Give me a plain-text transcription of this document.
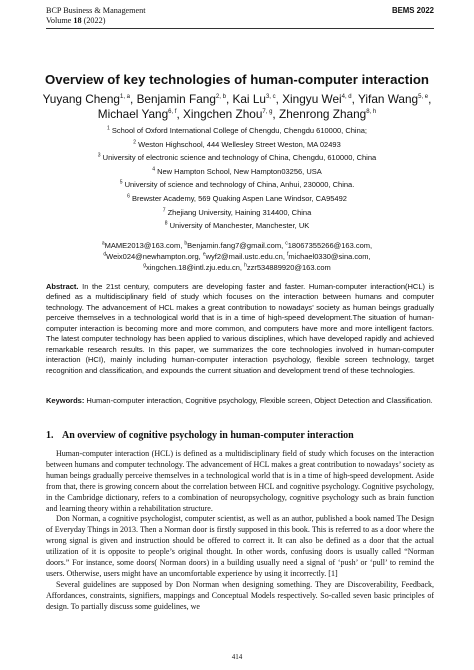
BCP Business & Management
Volume 18 (2022)
BEMS 2022
Overview of key technologies of human-computer interaction
Yuyang Cheng$^{1, a}$, Benjamin Fang$^{2, b}$, Kai Lu$^{3, c}$, Xingyu Wei$^{4, d}$, Yifan Wang$^{5, e}$,
Michael Yang$^{6, f}$, Xingchen Zhou$^{7, g}$, Zhenrong Zhang$^{8, h}$
$^1$ School of Oxford International College of Chengdu, Chengdu 610000, China;
$^2$ Weston Highschool, 444 Wellesley Street Weston, MA 02493
$^3$ University of electronic science and technology of China, Chengdu, 610000, China
$^4$ New Hampton School, New Hampton03256, USA
$^5$ University of science and technology of China, Anhui, 230000, China.
$^6$ Brewster Academy, 569 Quaking Aspen Lane Windsor, CA95492
$^7$ Zhejiang University, Haining 314400, China
$^8$ University of Manchester, Manchester, UK
$^a$MAME2013@163.com, $^b$Benjamin.fang7@gmail.com, $^c$18067355266@163.com,
$^d$Weix024@newhampton.org, $^e$wyf2@mail.ustc.edu.cn, $^f$michael0330@sina.com,
$^g$xingchen.18@intl.zju.edu.cn, $^h$zzr534889920@163.com
Abstract. In the 21st century, computers are developing faster and faster. Human-computer interaction(HCL) is defined as a multidisciplinary field of study which focuses on the interaction between humans and computer technology. The advancement of HCL makes a great contribution to nowadays’ society as human beings gradually perceive themselves in a technological world that is in a time of high-speed development.The situation of human-computer interaction is becoming more and more common, and computers have more and more intelligent factors. The latest computer technology has been applied to various disciplines, which have developed rapidly and achieved remarkable research results. In this paper, we summarizes the core technologies involved in human-computer interaction (HCI), mainly including human-computer interaction psychology, flexible screen technology, target recognition and classification, and expounds the current situation and development trend of these technologies.
Keywords: Human-computer interaction, Cognitive psychology, Flexible screen, Object Detection and Classification.
1. An overview of cognitive psychology in human-computer interaction

Human-computer interaction (HCL) is defined as a multidisciplinary field of study which focuses on the interaction between humans and computer technology. The advancement of HCL makes a great contribution to nowadays’ society as human beings gradually perceive themselves in a technological world that is in a time of high-speed development. Aside from that, there is growing concern about the correlation between HCL and cognitive psychology. Cognitive psychology, in the Cambridge dictionary, refers to a combination of neuropsychology, cognitive psychology such as brain function and learning theory within a rehabilitation structure.

Don Norman, a cognitive psychologist, computer scientist, as well as an author, published a book named The Design of Everyday Things in 2013. Then a Norman door is firstly supposed in this book. This is referred to as a door where the wrong signal is given and instruction should be offered to correct it. It can also be defined as a door that the actual utilization of it is opposite to people’s original thought. In other words, confusing doors is usually called “Norman doors.” For instance, some doors( Norman doors) in a building usually need a signal of ‘push’ or ‘pull’ to remind the users. Otherwise, users might have an uncomfortable experience by using it incorrectly. [1]

Several guidelines are supposed by Don Norman when designing something. They are Discoverability, Feedback, Affordances, constraints, signifiers, mappings and Conceptual Models respectively. So-called seven basic principles of design. To partially discuss some guidelines, we

414
